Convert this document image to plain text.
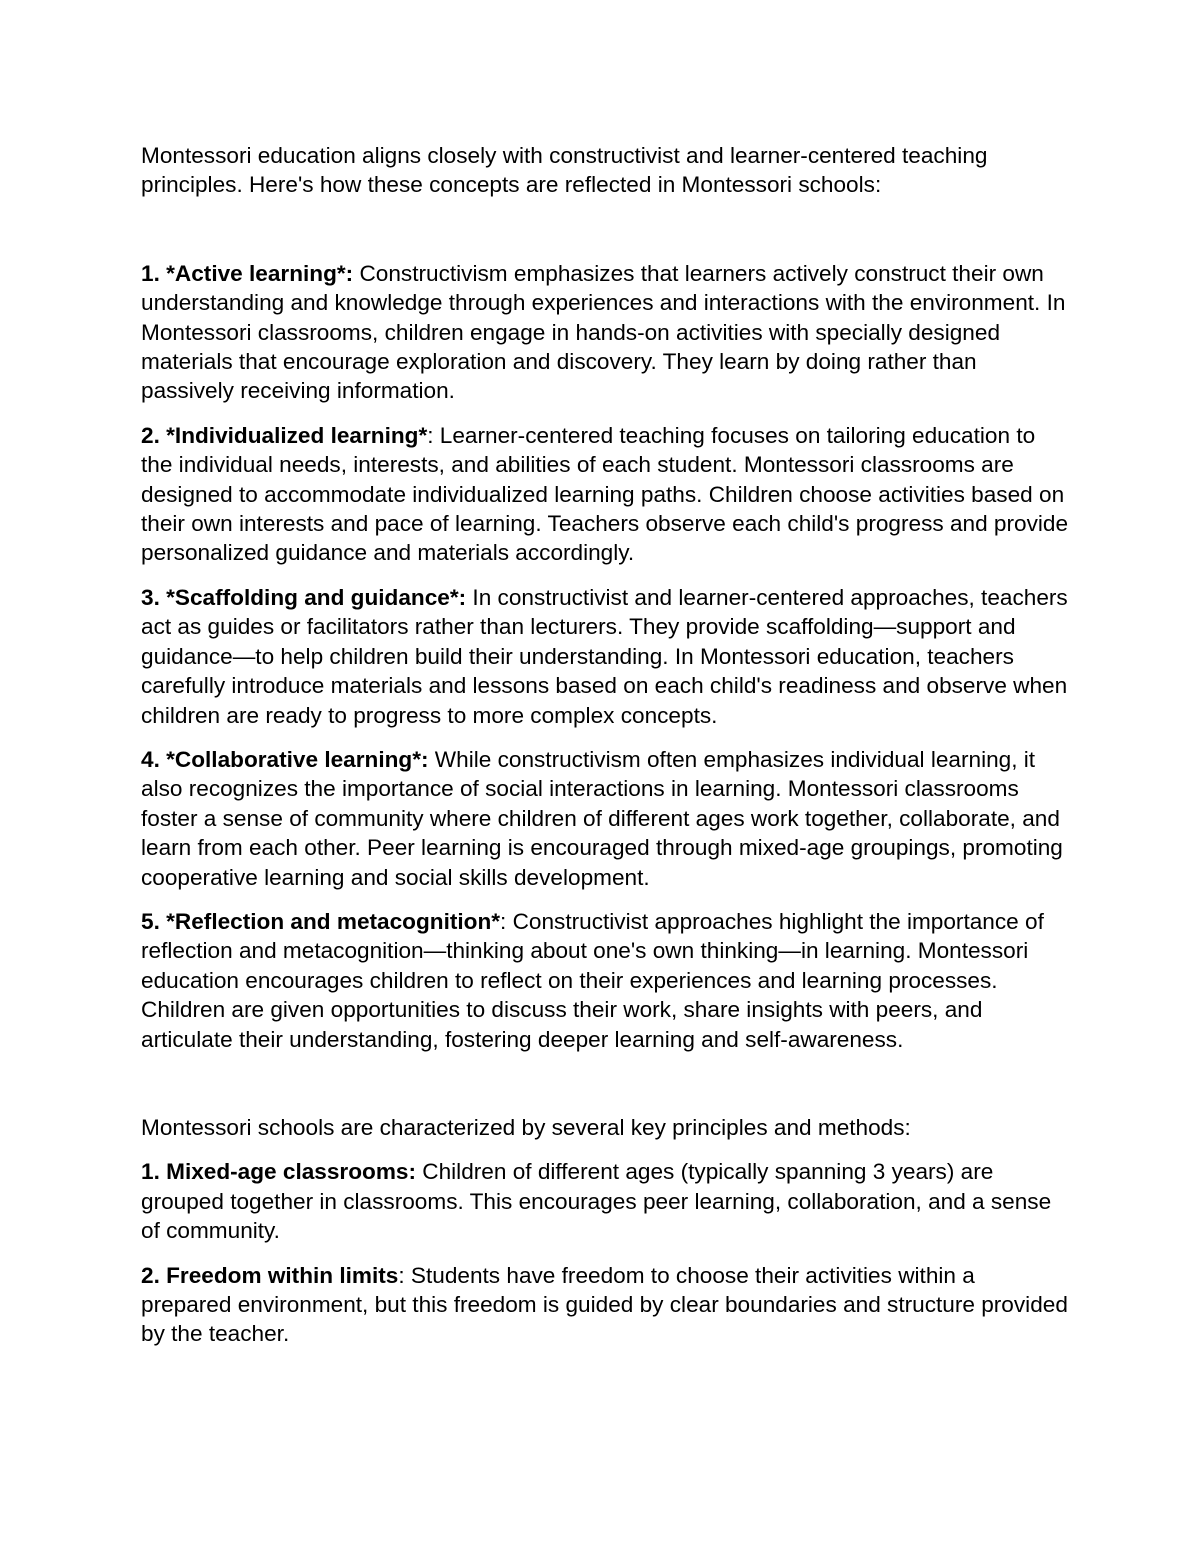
Montessori education aligns closely with constructivist and learner-centered teaching principles. Here's how these concepts are reflected in Montessori schools:

1. *Active learning*: Constructivism emphasizes that learners actively construct their own understanding and knowledge through experiences and interactions with the environment. In Montessori classrooms, children engage in hands-on activities with specially designed materials that encourage exploration and discovery. They learn by doing rather than passively receiving information.

2. *Individualized learning*: Learner-centered teaching focuses on tailoring education to the individual needs, interests, and abilities of each student. Montessori classrooms are designed to accommodate individualized learning paths. Children choose activities based on their own interests and pace of learning. Teachers observe each child's progress and provide personalized guidance and materials accordingly.

3. *Scaffolding and guidance*: In constructivist and learner-centered approaches, teachers act as guides or facilitators rather than lecturers. They provide scaffolding—support and guidance—to help children build their understanding. In Montessori education, teachers carefully introduce materials and lessons based on each child's readiness and observe when children are ready to progress to more complex concepts.

4. *Collaborative learning*: While constructivism often emphasizes individual learning, it also recognizes the importance of social interactions in learning. Montessori classrooms foster a sense of community where children of different ages work together, collaborate, and learn from each other. Peer learning is encouraged through mixed-age groupings, promoting cooperative learning and social skills development.

5. *Reflection and metacognition*: Constructivist approaches highlight the importance of reflection and metacognition—thinking about one's own thinking—in learning. Montessori education encourages children to reflect on their experiences and learning processes. Children are given opportunities to discuss their work, share insights with peers, and articulate their understanding, fostering deeper learning and self-awareness.

Montessori schools are characterized by several key principles and methods:

1. Mixed-age classrooms: Children of different ages (typically spanning 3 years) are grouped together in classrooms. This encourages peer learning, collaboration, and a sense of community.

2. Freedom within limits: Students have freedom to choose their activities within a prepared environment, but this freedom is guided by clear boundaries and structure provided by the teacher.
